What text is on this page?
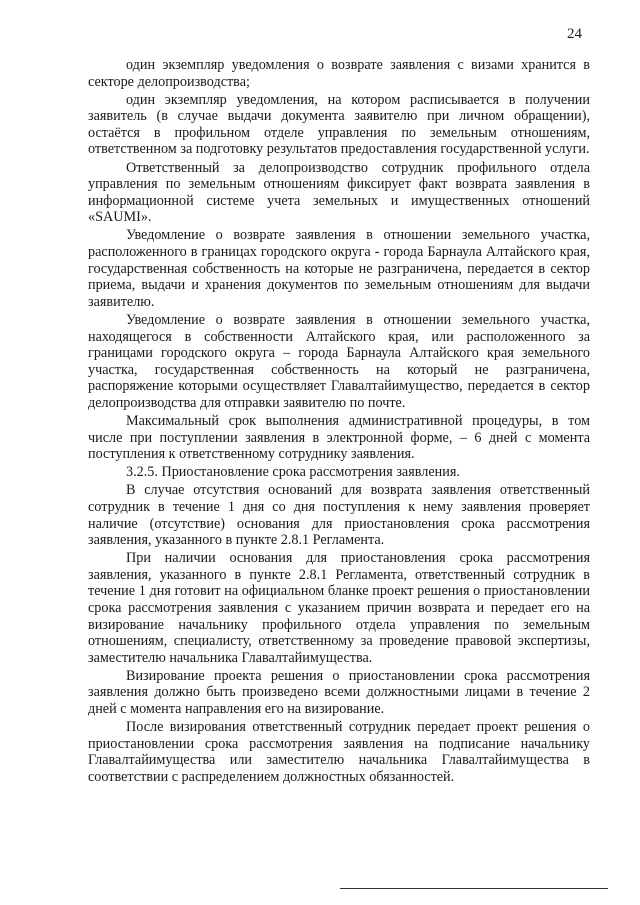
24

один экземпляр уведомления о возврате заявления с визами хранится в секторе делопроизводства;

один экземпляр уведомления, на котором расписывается в получении заявитель (в случае выдачи документа заявителю при личном обращении), остаётся в профильном отделе управления по земельным отношениям, ответственном за подготовку результатов предоставления государственной услуги.

Ответственный за делопроизводство сотрудник профильного отдела управления по земельным отношениям фиксирует факт возврата заявления в информационной системе учета земельных и имущественных отношений «SAUMI».

Уведомление о возврате заявления в отношении земельного участка, расположенного в границах городского округа - города Барнаула Алтайского края, государственная собственность на которые не разграничена, передается в сектор приема, выдачи и хранения документов по земельным отношениям для выдачи заявителю.

Уведомление о возврате заявления в отношении земельного участка, находящегося в собственности Алтайского края, или расположенного за границами городского округа – города Барнаула Алтайского края земельного участка, государственная собственность на который не разграничена, распоряжение которыми осуществляет Главалтайимущество, передается в сектор делопроизводства для отправки заявителю по почте.

Максимальный срок выполнения административной процедуры, в том числе при поступлении заявления в электронной форме, – 6 дней с момента поступления к ответственному сотруднику заявления.

3.2.5. Приостановление срока рассмотрения заявления.

В случае отсутствия оснований для возврата заявления ответственный сотрудник в течение 1 дня со дня поступления к нему заявления проверяет наличие (отсутствие) основания для приостановления срока рассмотрения заявления, указанного в пункте 2.8.1 Регламента.

При наличии основания для приостановления срока рассмотрения заявления, указанного в пункте 2.8.1 Регламента, ответственный сотрудник в течение 1 дня готовит на официальном бланке проект решения о приостановлении срока рассмотрения заявления с указанием причин возврата и передает его на визирование начальнику профильного отдела управления по земельным отношениям, специалисту, ответственному за проведение правовой экспертизы, заместителю начальника Главалтайимущества.

Визирование проекта решения о приостановлении срока рассмотрения заявления должно быть произведено всеми должностными лицами в течение 2 дней с момента направления его на визирование.

После визирования ответственный сотрудник передает проект решения о приостановлении срока рассмотрения заявления на подписание начальнику Главалтайимущества или заместителю начальника Главалтайимущества в соответствии с распределением должностных обязанностей.
